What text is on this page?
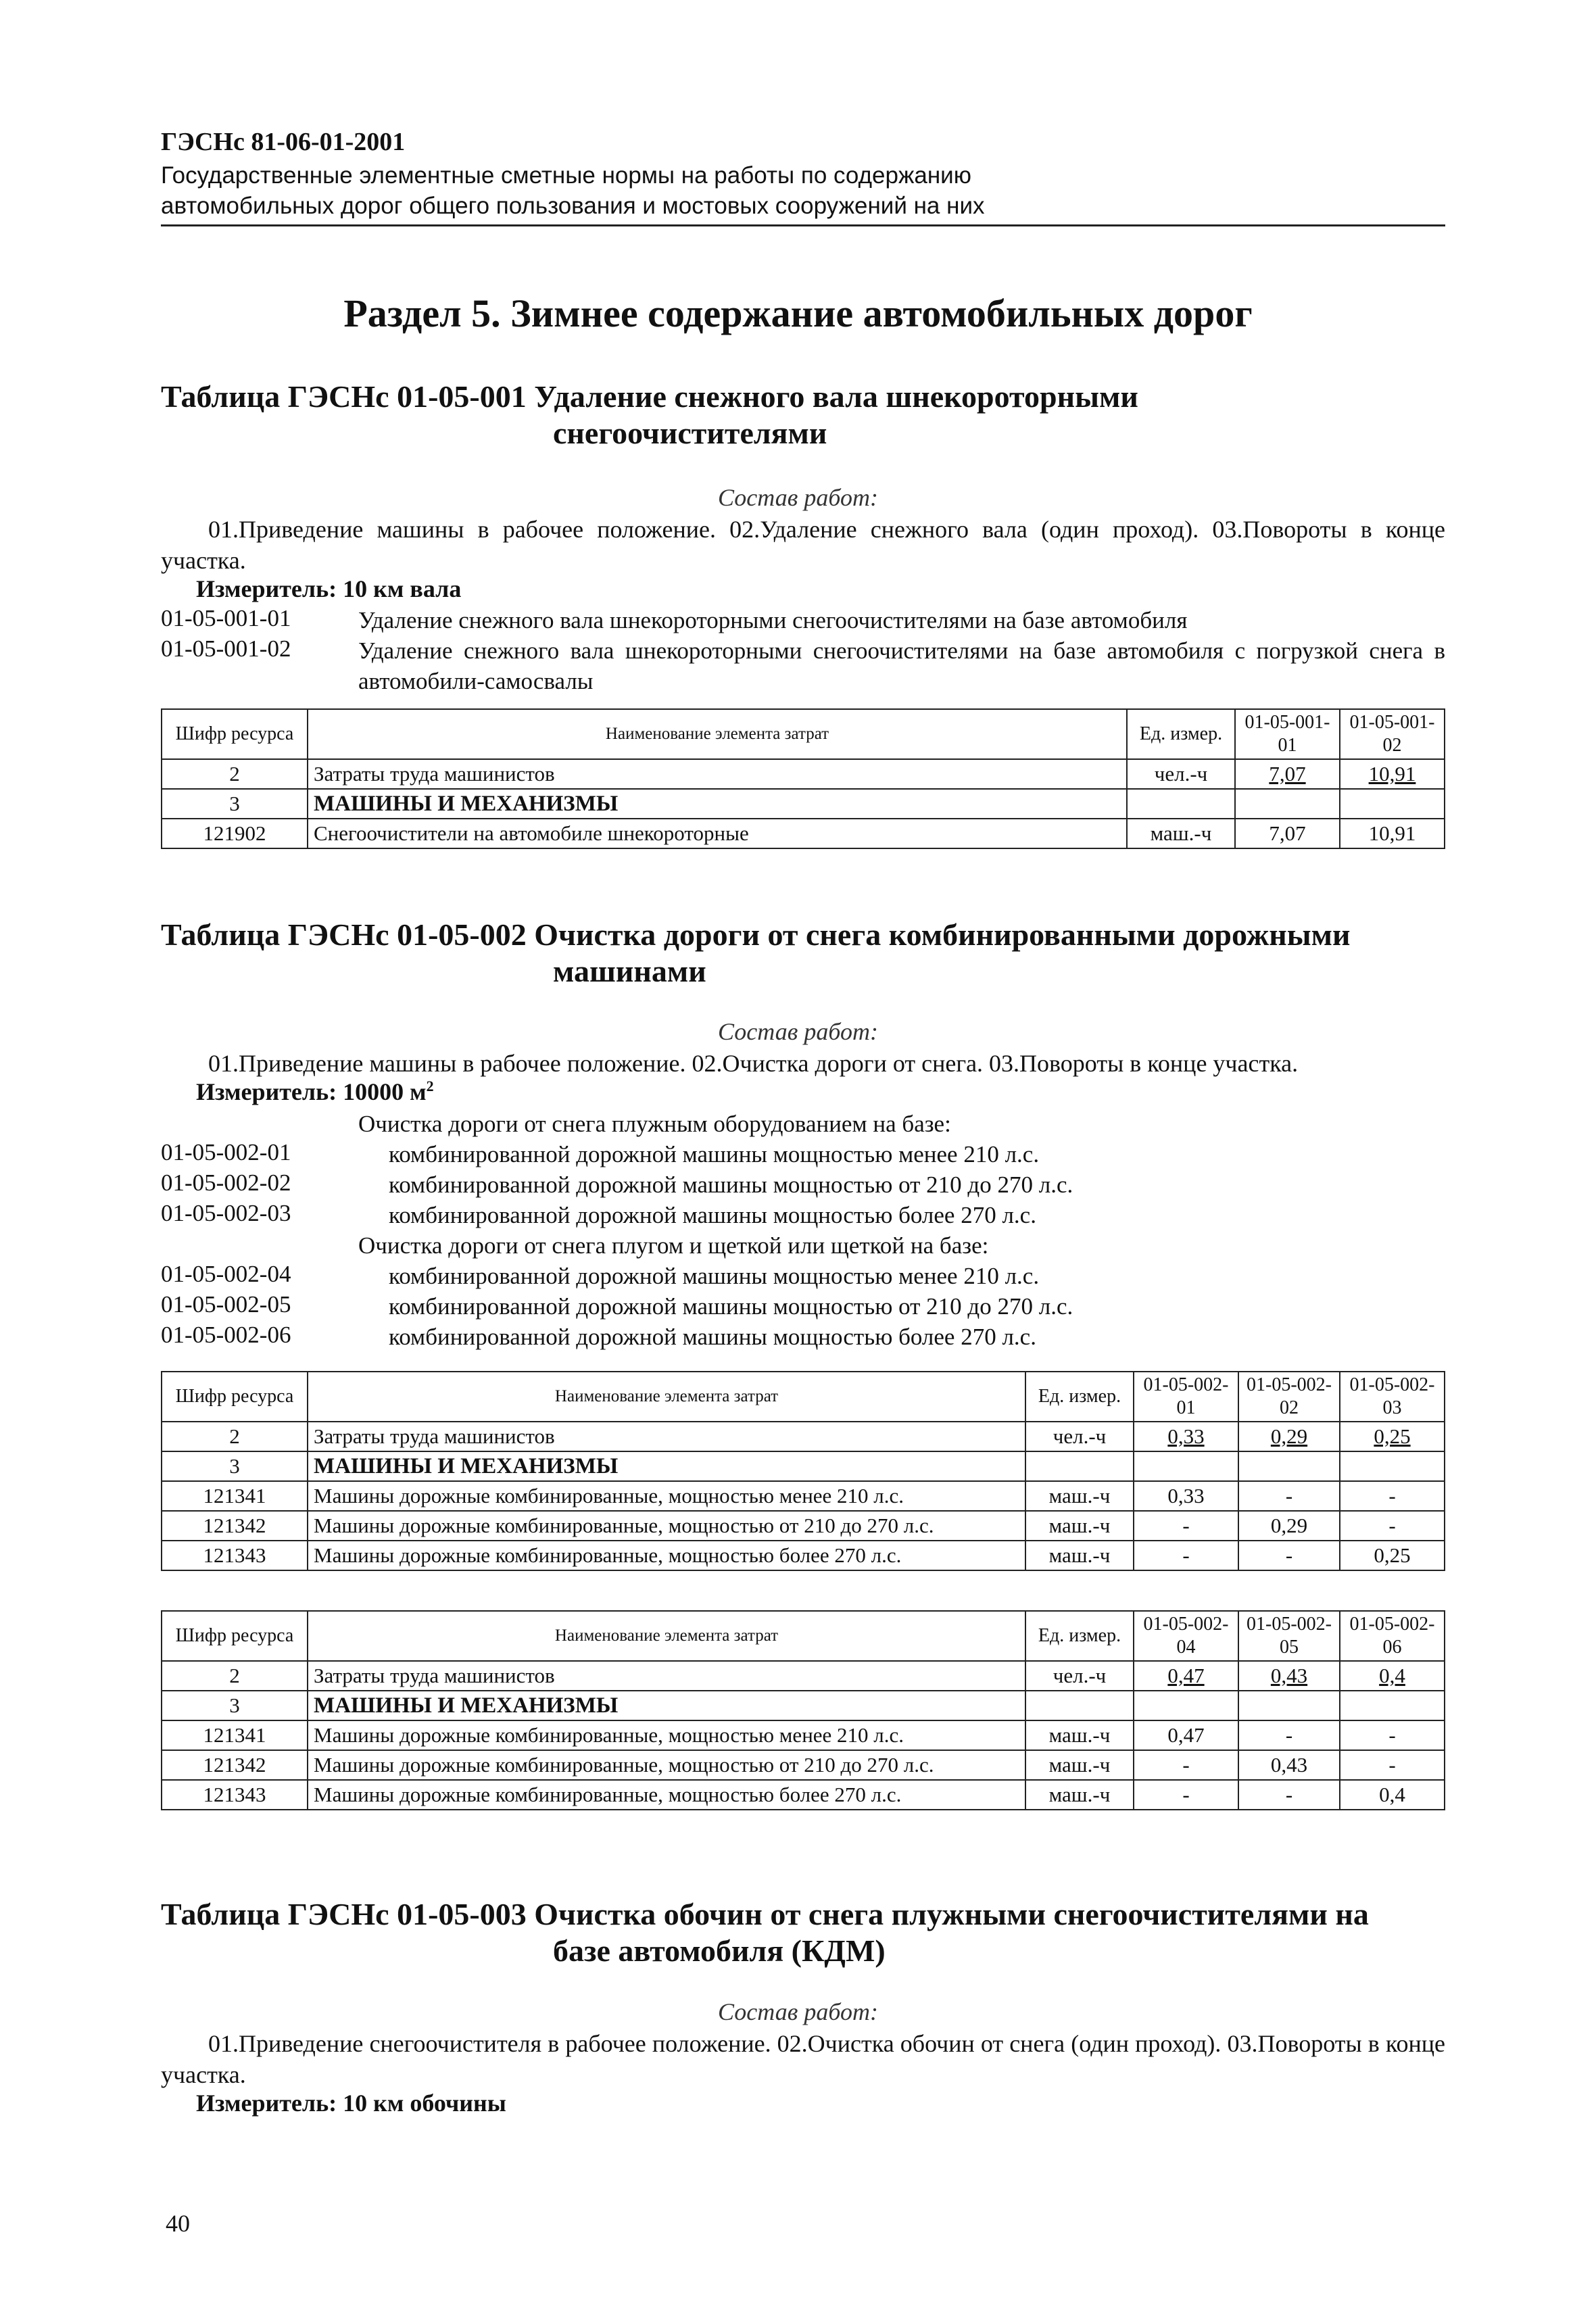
ГЭСНс 81-06-01-2001
Государственные элементные сметные нормы на работы по содержанию
автомобильных дорог общего пользования и мостовых сооружений на них
Раздел 5. Зимнее содержание автомобильных дорог
Таблица ГЭСНс 01-05-001 Удаление снежного вала шнекороторными
снегоочистителями
Состав работ:
01.Приведение машины в рабочее положение. 02.Удаление снежного вала (один проход). 03.Повороты в конце участка.
Измеритель: 10 км вала
01-05-001-01	Удаление снежного вала шнекороторными снегоочистителями на базе автомобиля
01-05-001-02	Удаление снежного вала шнекороторными снегоочистителями на базе автомобиля с погрузкой снега в автомобили-самосвалы
Шифр ресурса	Наименование элемента затрат	Ед. измер.	01-05-001-01	01-05-001-02
2	Затраты труда машинистов	чел.-ч	7,07	10,91
3	МАШИНЫ И МЕХАНИЗМЫ			
121902	Снегоочистители на автомобиле шнекороторные	маш.-ч	7,07	10,91
Таблица ГЭСНс 01-05-002 Очистка дороги от снега комбинированными дорожными
машинами
Состав работ:
01.Приведение машины в рабочее положение. 02.Очистка дороги от снега. 03.Повороты в конце участка.
Измеритель: 10000 $м^2$
Очистка дороги от снега плужным оборудованием на базе:
01-05-002-01	комбинированной дорожной машины мощностью менее 210 л.с.
01-05-002-02	комбинированной дорожной машины мощностью от 210 до 270 л.с.
01-05-002-03	комбинированной дорожной машины мощностью более 270 л.с.
Очистка дороги от снега плугом и щеткой или щеткой на базе:
01-05-002-04	комбинированной дорожной машины мощностью менее 210 л.с.
01-05-002-05	комбинированной дорожной машины мощностью от 210 до 270 л.с.
01-05-002-06	комбинированной дорожной машины мощностью более 270 л.с.
Шифр ресурса	Наименование элемента затрат	Ед. измер.	01-05-002-01	01-05-002-02	01-05-002-03
2	Затраты труда машинистов	чел.-ч	0,33	0,29	0,25
3	МАШИНЫ И МЕХАНИЗМЫ				
121341	Машины дорожные комбинированные, мощностью менее 210 л.с.	маш.-ч	0,33	-	-
121342	Машины дорожные комбинированные, мощностью от 210 до 270 л.с.	маш.-ч	-	0,29	-
121343	Машины дорожные комбинированные, мощностью более 270 л.с.	маш.-ч	-	-	0,25
Шифр ресурса	Наименование элемента затрат	Ед. измер.	01-05-002-04	01-05-002-05	01-05-002-06
2	Затраты труда машинистов	чел.-ч	0,47	0,43	0,4
3	МАШИНЫ И МЕХАНИЗМЫ				
121341	Машины дорожные комбинированные, мощностью менее 210 л.с.	маш.-ч	0,47	-	-
121342	Машины дорожные комбинированные, мощностью от 210 до 270 л.с.	маш.-ч	-	0,43	-
121343	Машины дорожные комбинированные, мощностью более 270 л.с.	маш.-ч	-	-	0,4
Таблица ГЭСНс 01-05-003 Очистка обочин от снега плужными снегоочистителями на
базе автомобиля (КДМ)
Состав работ:
01.Приведение снегоочистителя в рабочее положение. 02.Очистка обочин от снега (один проход). 03.Повороты в конце участка.
Измеритель: 10 км обочины
40
